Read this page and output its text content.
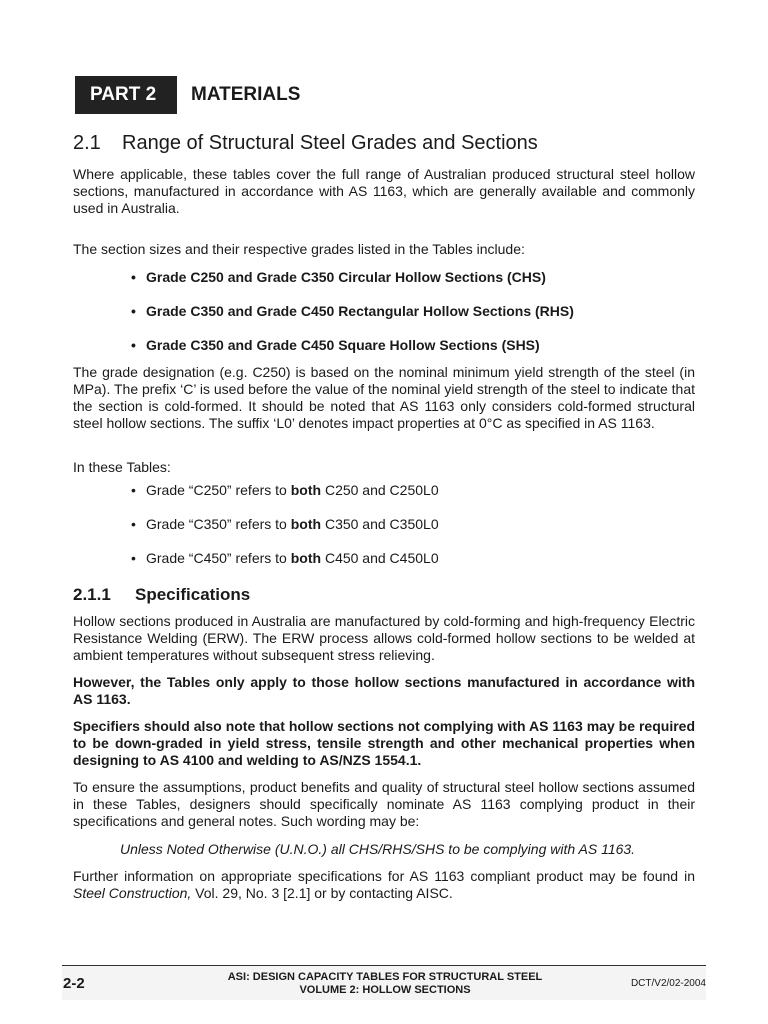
PART 2	MATERIALS
2.1 Range of Structural Steel Grades and Sections

Where applicable, these tables cover the full range of Australian produced structural steel hollow sections, manufactured in accordance with AS 1163, which are generally available and commonly used in Australia.

The section sizes and their respective grades listed in the Tables include:

• Grade C250 and Grade C350 Circular Hollow Sections (CHS)
• Grade C350 and Grade C450 Rectangular Hollow Sections (RHS)
• Grade C350 and Grade C450 Square Hollow Sections (SHS)

The grade designation (e.g. C250) is based on the nominal minimum yield strength of the steel (in MPa). The prefix ‘C’ is used before the value of the nominal yield strength of the steel to indicate that the section is cold-formed. It should be noted that AS 1163 only considers cold-formed structural steel hollow sections. The suffix ‘L0’ denotes impact properties at 0°C as specified in AS 1163.

In these Tables:

• Grade “C250” refers to both C250 and C250L0
• Grade “C350” refers to both C350 and C350L0
• Grade “C450” refers to both C450 and C450L0
2.1.1 Specifications

Hollow sections produced in Australia are manufactured by cold-forming and high-frequency Electric Resistance Welding (ERW). The ERW process allows cold-formed hollow sections to be welded at ambient temperatures without subsequent stress relieving.

However, the Tables only apply to those hollow sections manufactured in accordance with AS 1163.

Specifiers should also note that hollow sections not complying with AS 1163 may be required to be down-graded in yield stress, tensile strength and other mechanical properties when designing to AS 4100 and welding to AS/NZS 1554.1.

To ensure the assumptions, product benefits and quality of structural steel hollow sections assumed in these Tables, designers should specifically nominate AS 1163 complying product in their specifications and general notes. Such wording may be:

Unless Noted Otherwise (U.N.O.) all CHS/RHS/SHS to be complying with AS 1163.

Further information on appropriate specifications for AS 1163 compliant product may be found in Steel Construction, Vol. 29, No. 3 [2.1] or by contacting AISC.

2-2	ASI: DESIGN CAPACITY TABLES FOR STRUCTURAL STEEL
VOLUME 2: HOLLOW SECTIONS
DCT/V2/02-2004
